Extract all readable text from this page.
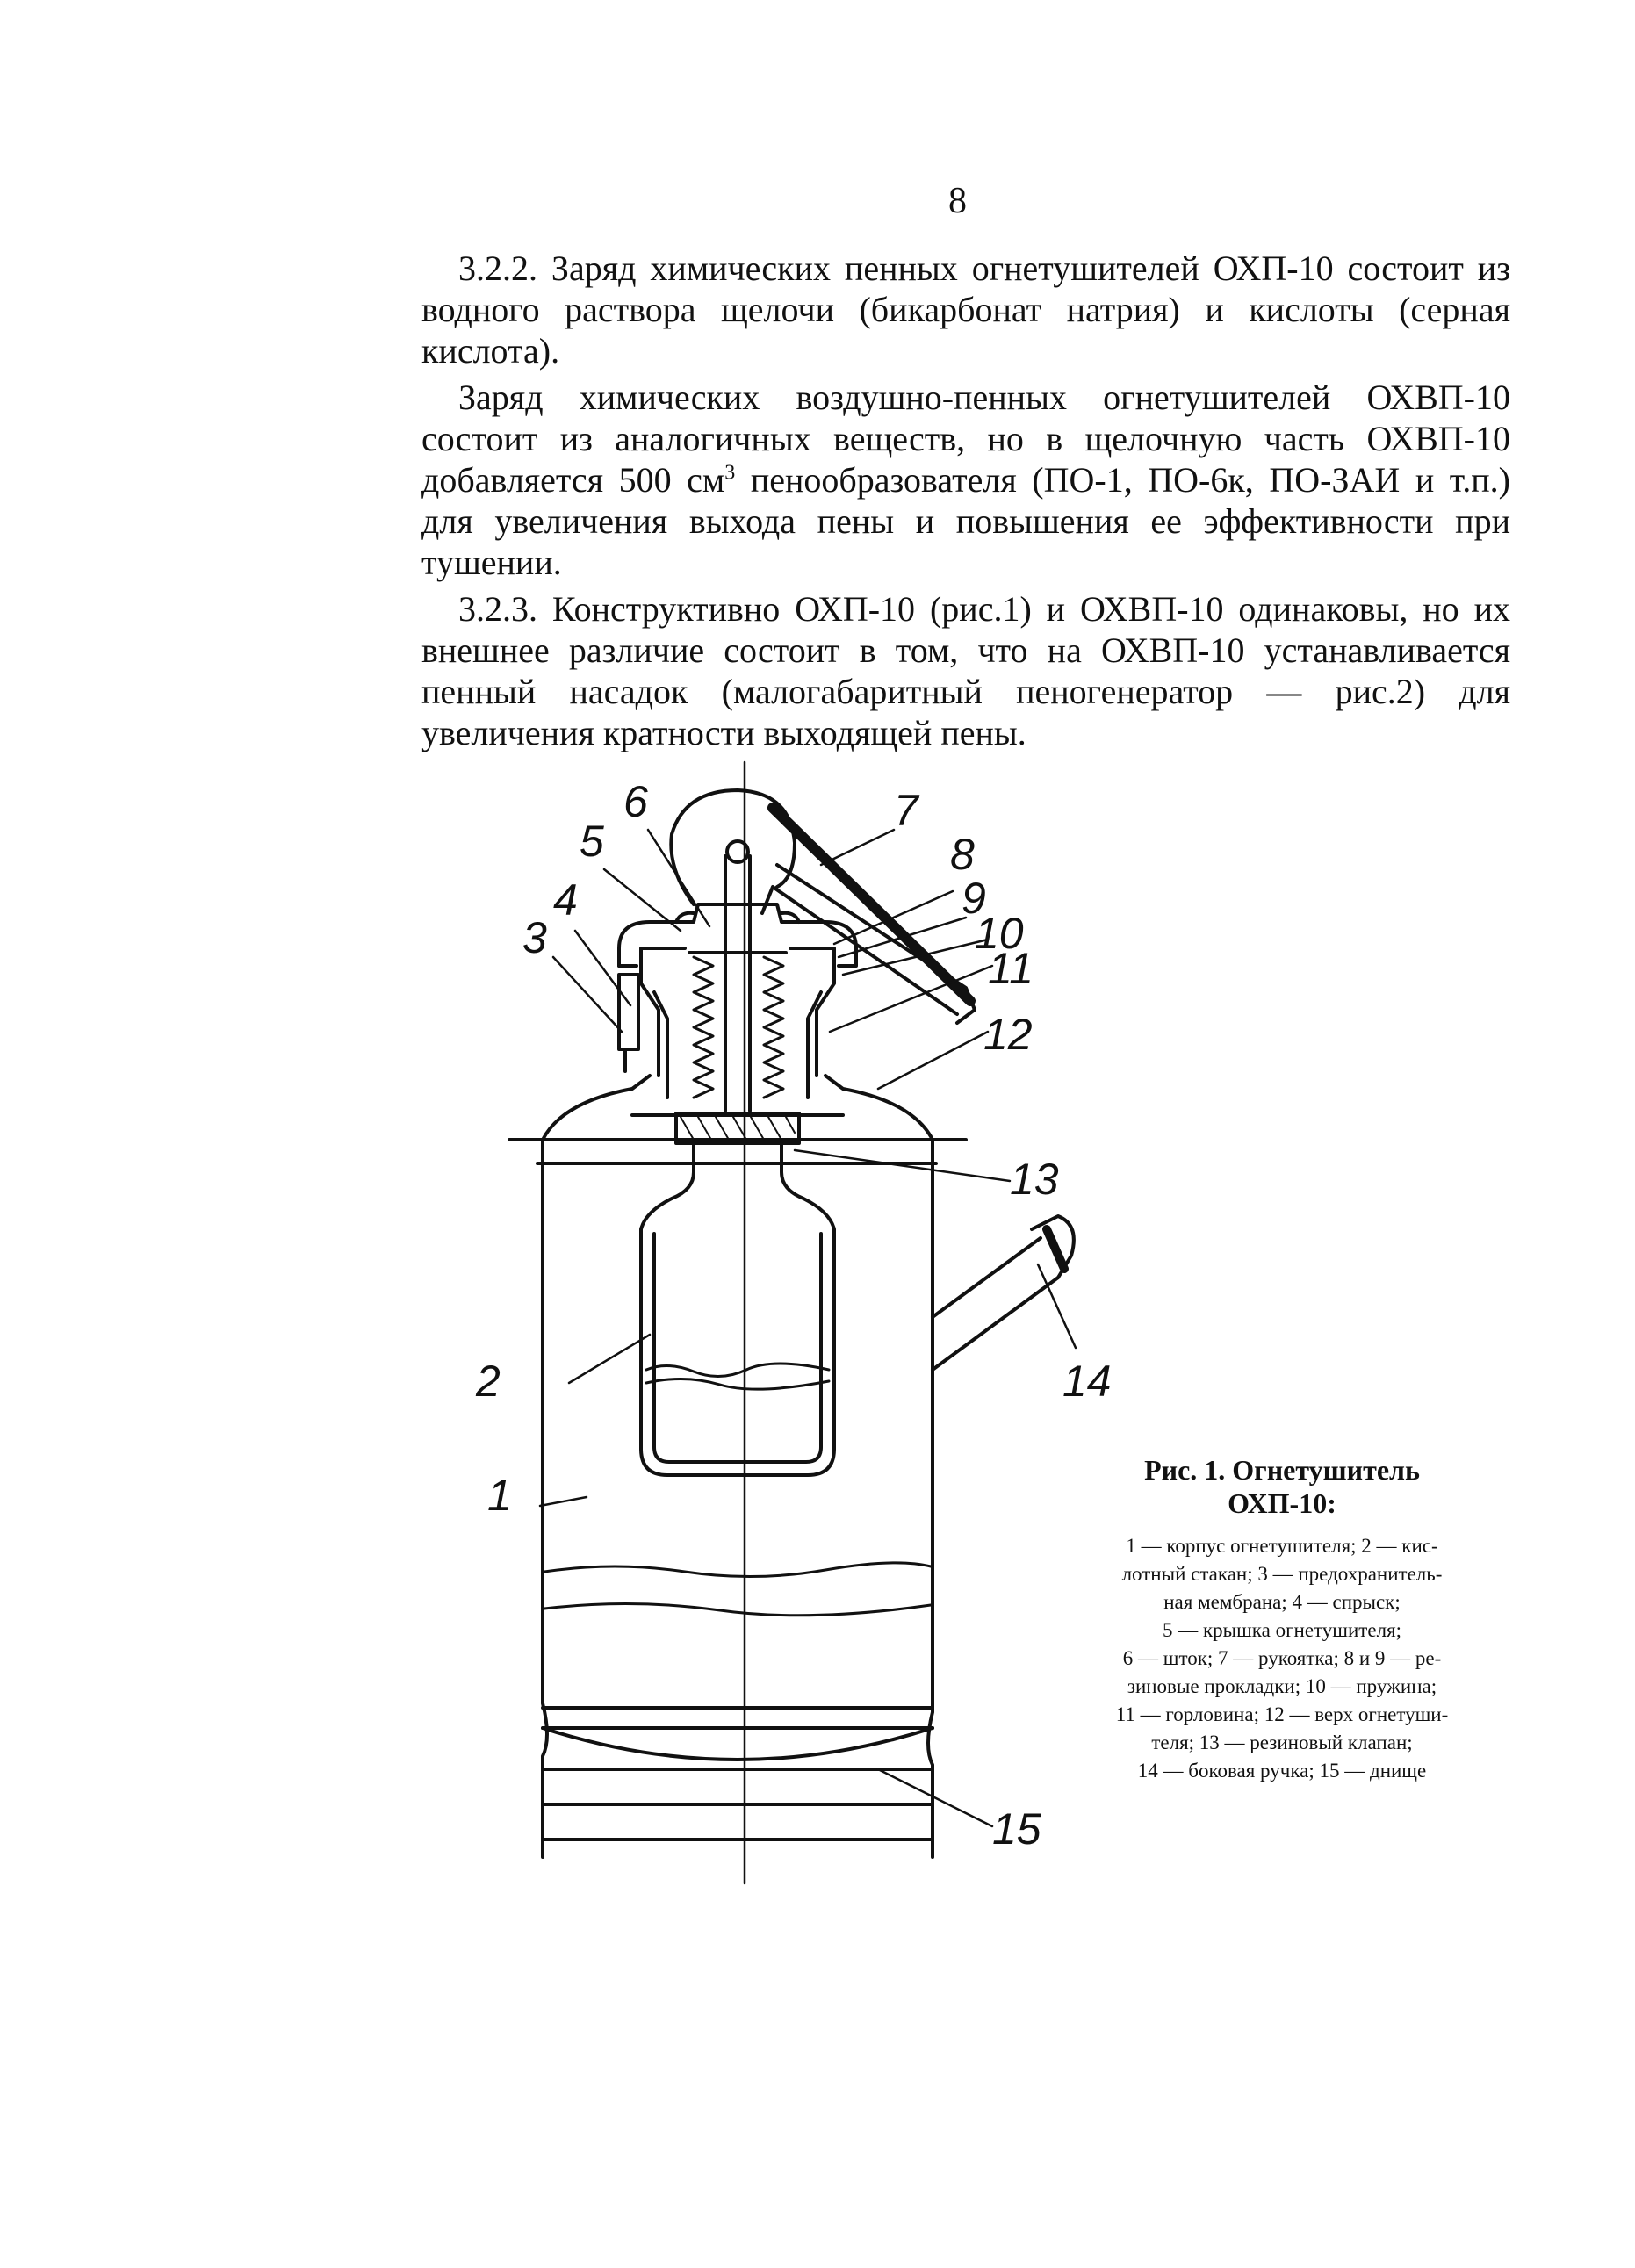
8

3.2.2. Заряд химических пенных огнетушителей ОХП-10 состоит из водного раствора щелочи (бикарбонат натрия) и кислоты (серная кислота).

Заряд химических воздушно-пенных огнетушителей ОХВП-10 состоит из аналогичных веществ, но в щелочную часть ОХВП-10 добавляется 500 $см^3$ пенообразователя (ПО-1, ПО-6к, ПО-ЗАИ и т.п.) для увеличения выхода пены и повышения ее эффективности при тушении.

3.2.3. Конструктивно ОХП-10 (рис.1) и ОХВП-10 одинаковы, но их внешнее различие состоит в том, что на ОХВП-10 устанавливается пенный насадок (малогабаритный пеногенератор — рис.2) для увеличения кратности выходящей пены.

2
1
3
4
5
6	7
8
9
10
11
12
13
14
15
Рис. 1. Огнетушитель
ОХП-10:
1 — корпус огнетушителя; 2 — кис-
лотный стакан; 3 — предохранитель-
ная мембрана; 4 — спрыск;
5 — крышка огнетушителя;
6 — шток; 7 — рукоятка; 8 и 9 — ре-
зиновые прокладки; 10 — пружина;
11 — горловина; 12 — верх огнетуши-
теля; 13 — резиновый клапан;
14 — боковая ручка; 15 — днище
